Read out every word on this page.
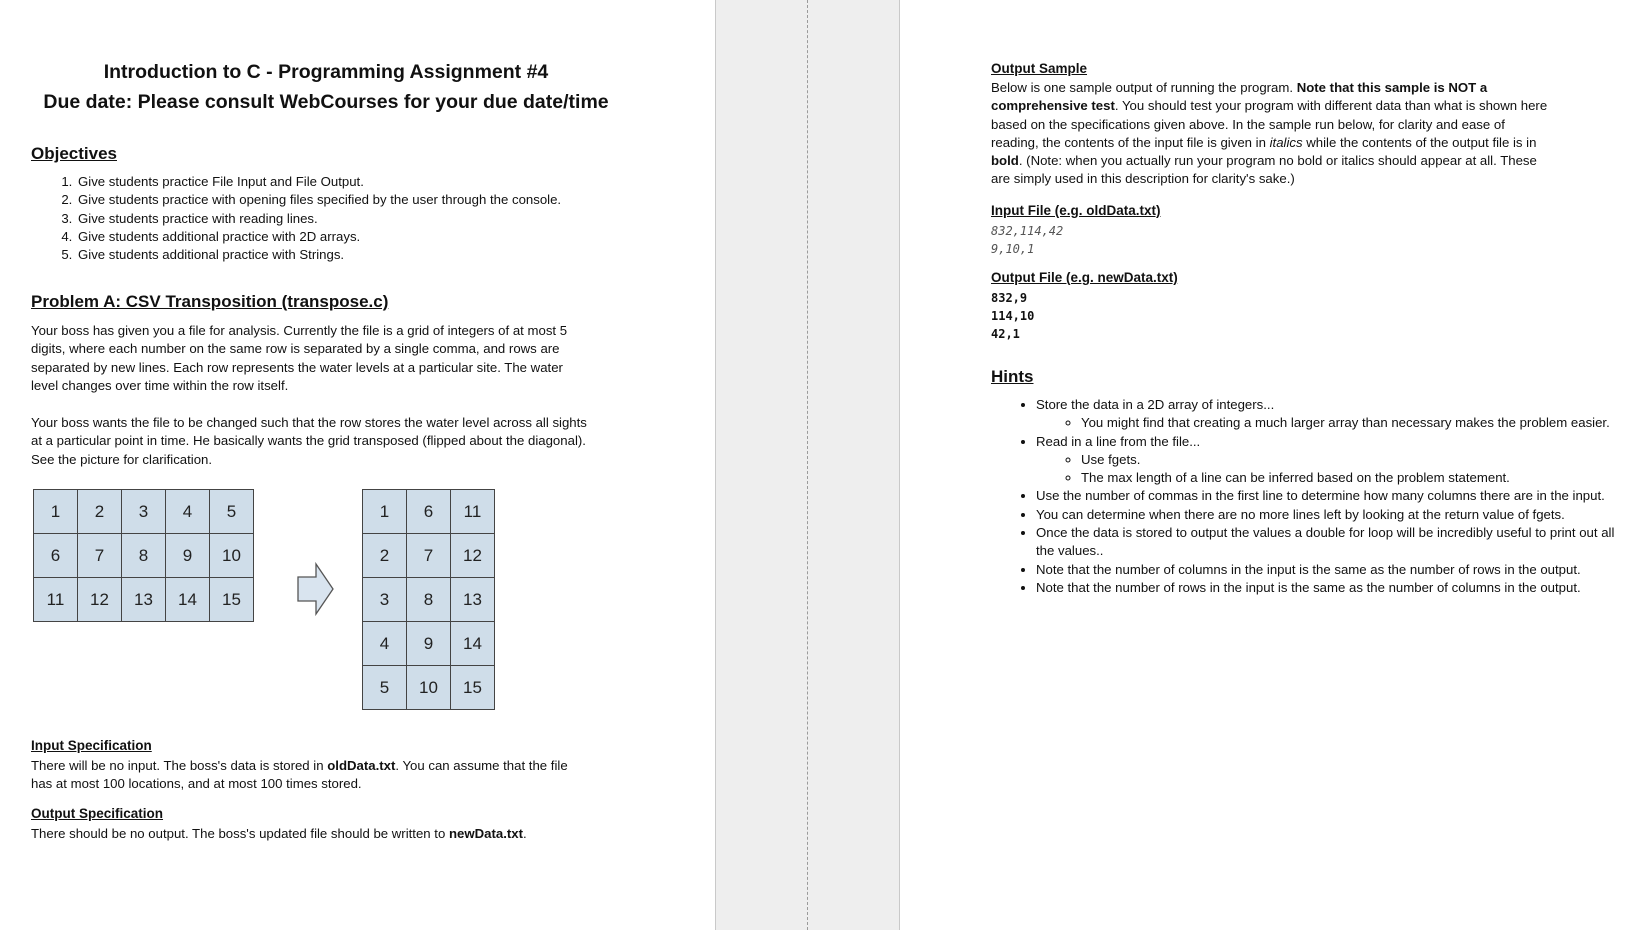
Introduction to C - Programming Assignment #4
Due date: Please consult WebCourses for your due date/time
Objectives
1. Give students practice File Input and File Output.
2. Give students practice with opening files specified by the user through the console.
3. Give students practice with reading lines.
4. Give students additional practice with 2D arrays.
5. Give students additional practice with Strings.
Problem A: CSV Transposition (transpose.c)
Your boss has given you a file for analysis. Currently the file is a grid of integers of at most 5
digits, where each number on the same row is separated by a single comma, and rows are
separated by new lines. Each row represents the water levels at a particular site. The water
level changes over time within the row itself.
Your boss wants the file to be changed such that the row stores the water level across all sights
at a particular point in time. He basically wants the grid transposed (flipped about the diagonal).
See the picture for clarification.
1	2	3	4	5
6	7	8	9	10
11	12	13	14	15
1	6	11
2	7	12
3	8	13
4	9	14
5	10	15
Input Specification
There will be no input. The boss's data is stored in oldData.txt. You can assume that the file
has at most 100 locations, and at most 100 times stored.
Output Specification
There should be no output. The boss's updated file should be written to newData.txt.
Output Sample
Below is one sample output of running the program. Note that this sample is NOT a
comprehensive test. You should test your program with different data than what is shown here
based on the specifications given above. In the sample run below, for clarity and ease of
reading, the contents of the input file is given in italics while the contents of the output file is in
bold. (Note: when you actually run your program no bold or italics should appear at all. These
are simply used in this description for clarity's sake.)
Input File (e.g. oldData.txt)
832,114,42
9,10,1
Output File (e.g. newData.txt)
832,9
114,10
42,1
Hints
• Store the data in a 2D array of integers...
◦ You might find that creating a much larger array than necessary makes the problem easier.
• Read in a line from the file...
◦ Use fgets.
◦ The max length of a line can be inferred based on the problem statement.
• Use the number of commas in the first line to determine how many columns there are in the input.
• You can determine when there are no more lines left by looking at the return value of fgets.
• Once the data is stored to output the values a double for loop will be incredibly useful to print out all the values..
• Note that the number of columns in the input is the same as the number of rows in the output.
• Note that the number of rows in the input is the same as the number of columns in the output.
